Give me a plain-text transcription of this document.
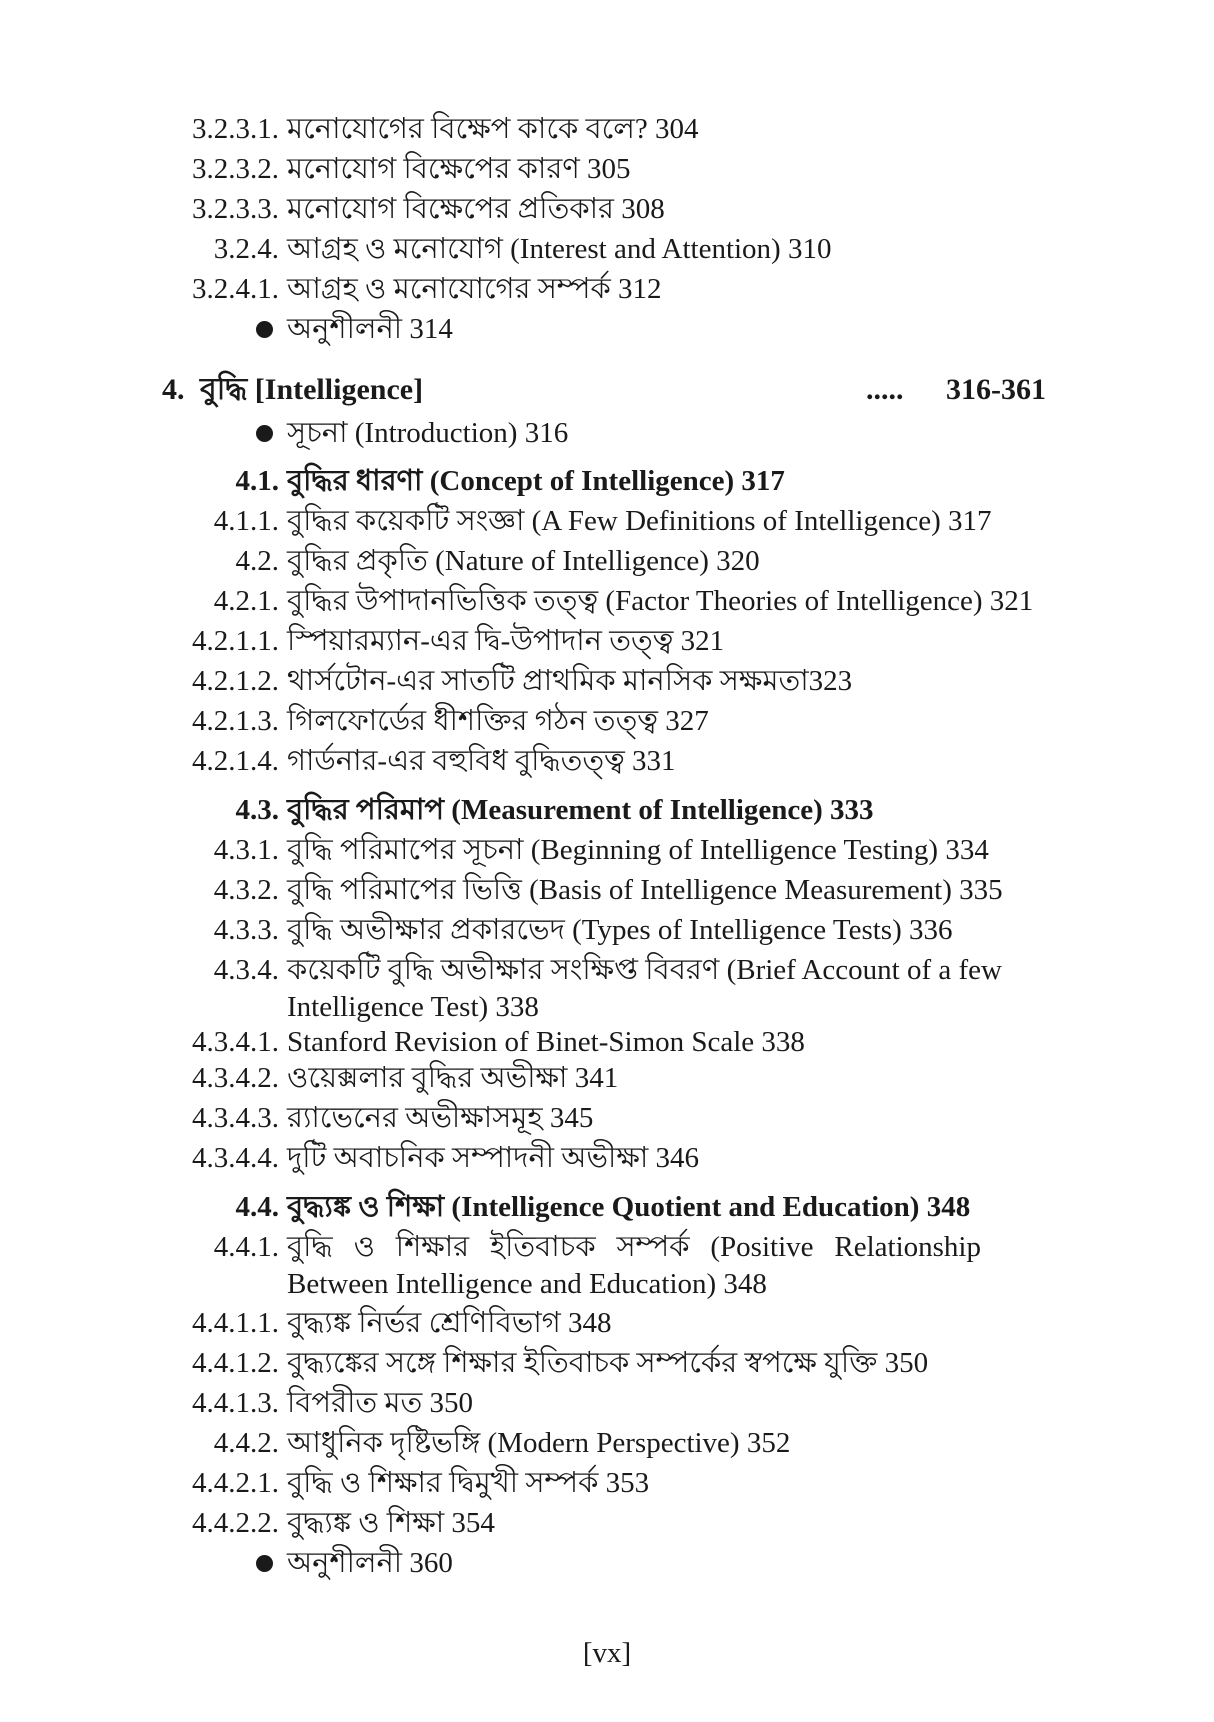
3.2.3.1. মনোযোগের বিক্ষেপ কাকে বলে? 304
3.2.3.2. মনোযোগ বিক্ষেপের কারণ 305
3.2.3.3. মনোযোগ বিক্ষেপের প্রতিকার 308
3.2.4. আগ্রহ ও মনোযোগ (Interest and Attention) 310
3.2.4.1. আগ্রহ ও মনোযোগের সম্পর্ক 312
অনুশীলনী 314
4. বুদ্ধি [Intelligence]	..... 316-361
সূচনা (Introduction) 316
4.1. বুদ্ধির ধারণা (Concept of Intelligence) 317
4.1.1. বুদ্ধির কয়েকটি সংজ্ঞা (A Few Definitions of Intelligence) 317
4.2. বুদ্ধির প্রকৃতি (Nature of Intelligence) 320
4.2.1. বুদ্ধির উপাদানভিত্তিক তত্ত্ব (Factor Theories of Intelligence) 321
4.2.1.1. স্পিয়ারম্যান-এর দ্বি-উপাদান তত্ত্ব 321
4.2.1.2. থার্সটোন-এর সাতটি প্রাথমিক মানসিক সক্ষমতা323
4.2.1.3. গিলফোর্ডের ধীশক্তির গঠন তত্ত্ব 327
4.2.1.4. গার্ডনার-এর বহুবিধ বুদ্ধিতত্ত্ব 331
4.3. বুদ্ধির পরিমাপ (Measurement of Intelligence) 333
4.3.1. বুদ্ধি পরিমাপের সূচনা (Beginning of Intelligence Testing) 334
4.3.2. বুদ্ধি পরিমাপের ভিত্তি (Basis of Intelligence Measurement) 335
4.3.3. বুদ্ধি অভীক্ষার প্রকারভেদ (Types of Intelligence Tests) 336
4.3.4. কয়েকটি বুদ্ধি অভীক্ষার সংক্ষিপ্ত বিবরণ (Brief Account of a few
Intelligence Test) 338
4.3.4.1. Stanford Revision of Binet-Simon Scale 338
4.3.4.2. ওয়েক্সলার বুদ্ধির অভীক্ষা 341
4.3.4.3. র‍্যাভেনের অভীক্ষাসমূহ 345
4.3.4.4. দুটি অবাচনিক সম্পাদনী অভীক্ষা 346
4.4. বুদ্ধ্যঙ্ক ও শিক্ষা (Intelligence Quotient and Education) 348
4.4.1. বুদ্ধি ও শিক্ষার ইতিবাচক সম্পর্ক (Positive Relationship
Between Intelligence and Education) 348
4.4.1.1. বুদ্ধ্যঙ্ক নির্ভর শ্রেণিবিভাগ 348
4.4.1.2. বুদ্ধ্যঙ্কের সঙ্গে শিক্ষার ইতিবাচক সম্পর্কের স্বপক্ষে যুক্তি 350
4.4.1.3. বিপরীত মত 350
4.4.2. আধুনিক দৃষ্টিভঙ্গি (Modern Perspective) 352
4.4.2.1. বুদ্ধি ও শিক্ষার দ্বিমুখী সম্পর্ক 353
4.4.2.2. বুদ্ধ্যঙ্ক ও শিক্ষা 354
অনুশীলনী 360
[vx]
